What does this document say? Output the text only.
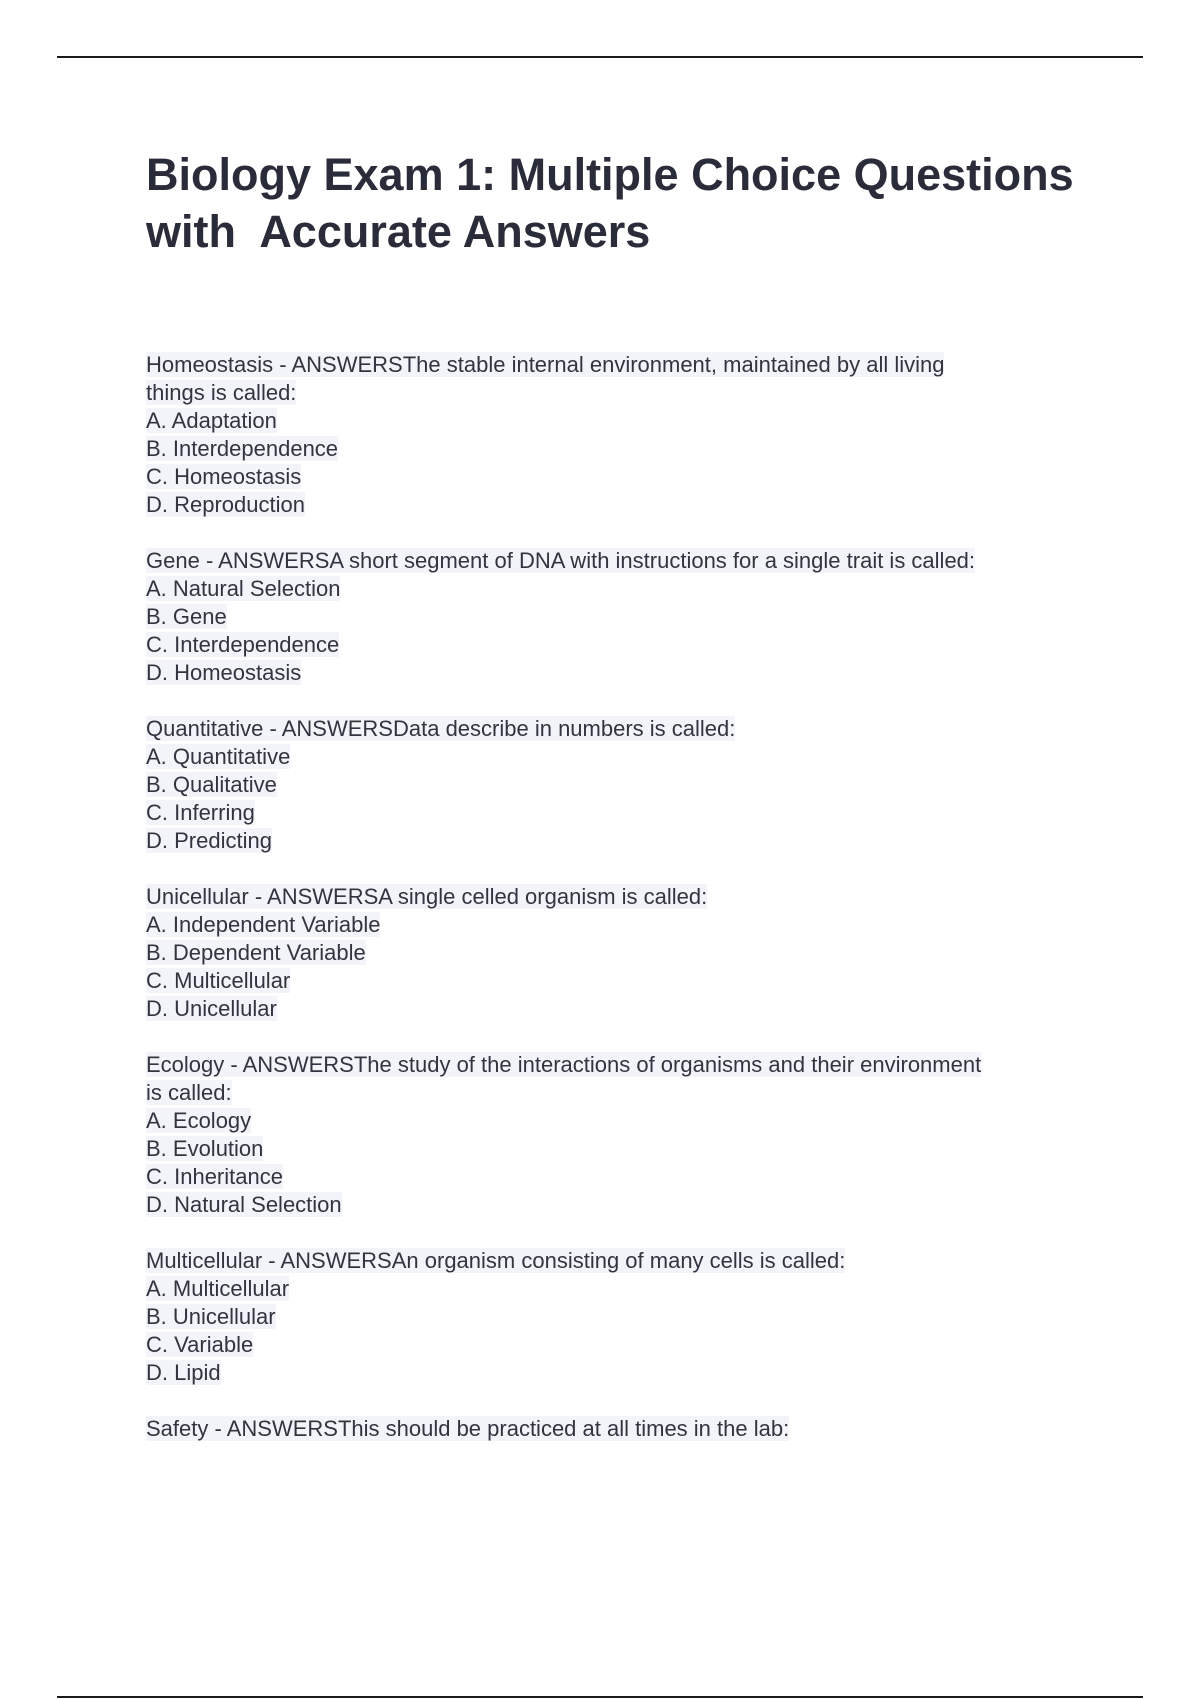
Biology Exam 1: Multiple Choice Questions with  Accurate Answers
Homeostasis - ANSWERSThe stable internal environment, maintained by all living
things is called:
A. Adaptation
B. Interdependence
C. Homeostasis
D. Reproduction
Gene - ANSWERSA short segment of DNA with instructions for a single trait is called:
A. Natural Selection
B. Gene
C. Interdependence
D. Homeostasis
Quantitative - ANSWERSData describe in numbers is called:
A. Quantitative
B. Qualitative
C. Inferring
D. Predicting
Unicellular - ANSWERSA single celled organism is called:
A. Independent Variable
B. Dependent Variable
C. Multicellular
D. Unicellular
Ecology - ANSWERSThe study of the interactions of organisms and their environment
is called:
A. Ecology
B. Evolution
C. Inheritance
D. Natural Selection
Multicellular - ANSWERSAn organism consisting of many cells is called:
A. Multicellular
B. Unicellular
C. Variable
D. Lipid
Safety - ANSWERSThis should be practiced at all times in the lab:
